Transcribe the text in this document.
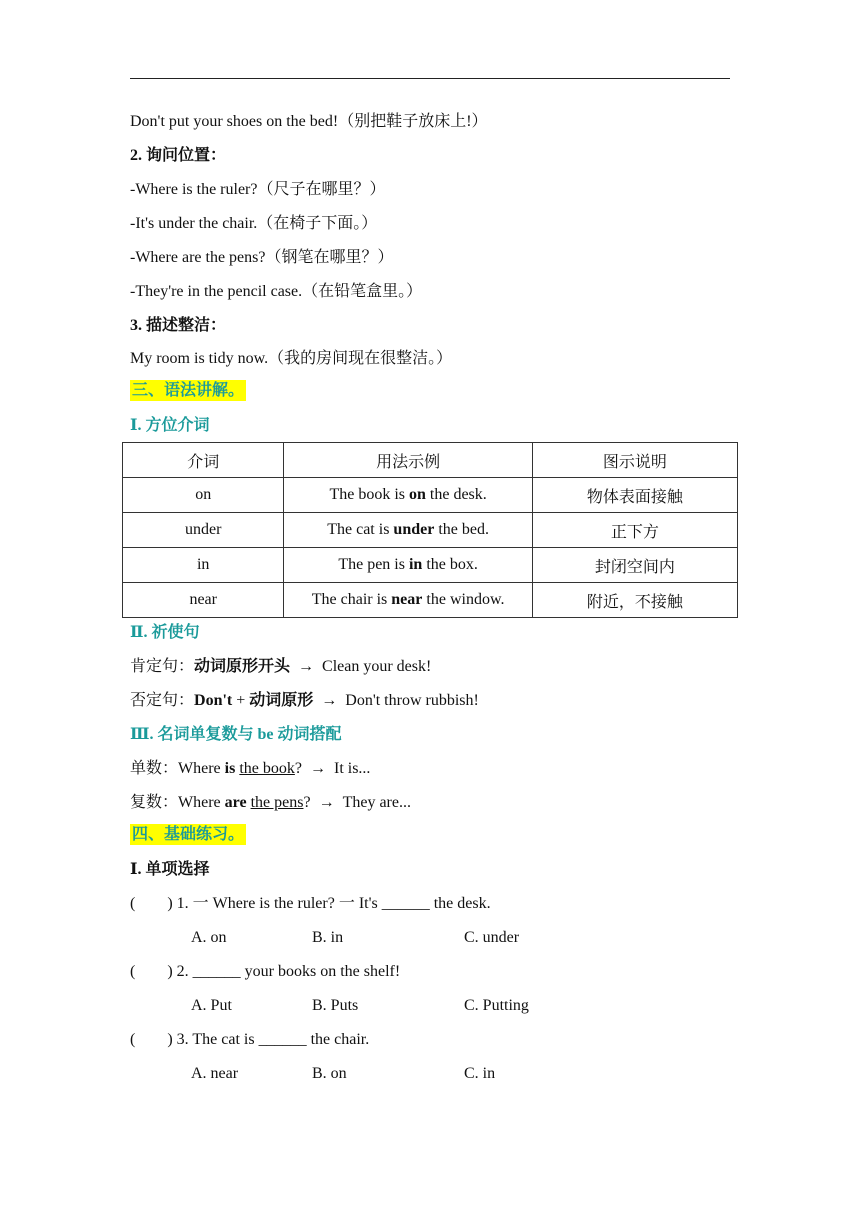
Don't put your shoes on the bed!（别把鞋子放床上!）
2. 询问位置：
-Where is the ruler?（尺子在哪里？）
-It's under the chair.（在椅子下面。）
-Where are the pens?（钢笔在哪里？）
-They're in the pencil case.（在铅笔盒里。）
3. 描述整洁：
My room is tidy now.（我的房间现在很整洁。）
三、语法讲解。
Ⅰ. 方位介词
介词	用法示例	图示说明
on	The book is on the desk.	物体表面接触
under	The cat is under the bed.	正下方
in	The pen is in the box.	封闭空间内
near	The chair is near the window.	附近，不接触
Ⅱ. 祈使句
肯定句：动词原形开头 → Clean your desk!
否定句：Don't + 动词原形 → Don't throw rubbish!
Ⅲ. 名词单复数与 be 动词搭配
单数：Where is the book? → It is...
复数：Where are the pens? → They are...
四、基础练习。
Ⅰ. 单项选择
(        ) 1. 一 Where is the ruler? 一 It's ______ the desk.
A. on	B. in	C. under
(        ) 2. ______ your books on the shelf!
A. Put	B. Puts	C. Putting
(        ) 3. The cat is ______ the chair.
A. near	B. on	C. in
